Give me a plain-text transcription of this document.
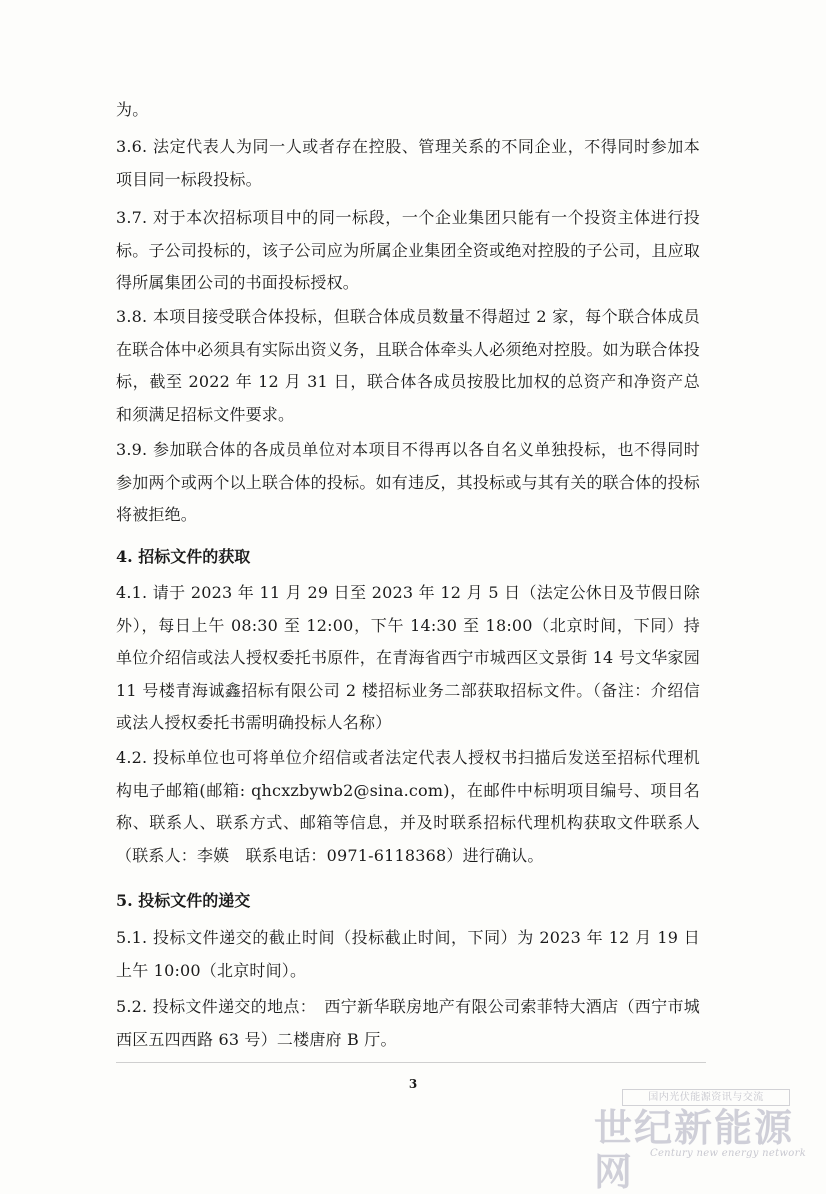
为。
3.6. 法定代表人为同一人或者存在控股、管理关系的不同企业，不得同时参加本项目同一标段投标。
3.7. 对于本次招标项目中的同一标段，一个企业集团只能有一个投资主体进行投标。子公司投标的，该子公司应为所属企业集团全资或绝对控股的子公司，且应取得所属集团公司的书面投标授权。
3.8. 本项目接受联合体投标，但联合体成员数量不得超过 2 家，每个联合体成员在联合体中必须具有实际出资义务，且联合体牵头人必须绝对控股。如为联合体投标，截至 2022 年 12 月 31 日，联合体各成员按股比加权的总资产和净资产总和须满足招标文件要求。
3.9. 参加联合体的各成员单位对本项目不得再以各自名义单独投标，也不得同时参加两个或两个以上联合体的投标。如有违反，其投标或与其有关的联合体的投标将被拒绝。
4. 招标文件的获取
4.1. 请于 2023 年 11 月 29 日至 2023 年 12 月 5 日（法定公休日及节假日除外），每日上午 08:30 至 12:00，下午 14:30 至 18:00（北京时间，下同）持单位介绍信或法人授权委托书原件，在青海省西宁市城西区文景街 14 号文华家园 11 号楼青海诚鑫招标有限公司 2 楼招标业务二部获取招标文件。（备注：介绍信或法人授权委托书需明确投标人名称）
4.2. 投标单位也可将单位介绍信或者法定代表人授权书扫描后发送至招标代理机构电子邮箱(邮箱: qhcxzbywb2@sina.com)，在邮件中标明项目编号、项目名称、联系人、联系方式、邮箱等信息，并及时联系招标代理机构获取文件联系人（联系人：李媖　联系电话：0971-6118368）进行确认。
5. 投标文件的递交
5.1. 投标文件递交的截止时间（投标截止时间，下同）为 2023 年 12 月 19 日上午 10:00（北京时间）。
5.2. 投标文件递交的地点：　西宁新华联房地产有限公司索菲特大酒店（西宁市城西区五四西路 63 号）二楼唐府 B 厅。
3
国内光伏能源资讯与交流
世纪新能源网	Century new energy network
